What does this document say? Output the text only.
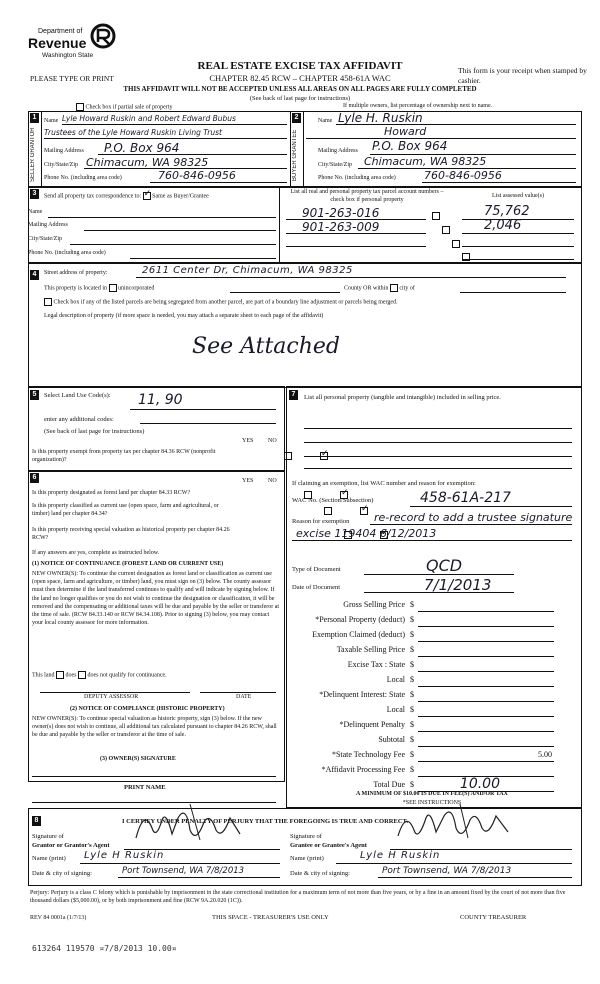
Department of
Revenue
Washington State
PLEASE TYPE OR PRINT
REAL ESTATE EXCISE TAX AFFIDAVIT
CHAPTER 82.45 RCW – CHAPTER 458-61A WAC
THIS AFFIDAVIT WILL NOT BE ACCEPTED UNLESS ALL AREAS ON ALL PAGES ARE FULLY COMPLETED
(See back of last page for instructions)
This form is your receipt when stamped by cashier.
Check box if partial sale of property	If multiple owners, list percentage of ownership next to name.
1
SELLER GRANTOR
Name Lyle Howard Ruskin and Robert Edward Bubus
Trustees of the Lyle Howard Ruskin Living Trust
Mailing Address P.O. Box 964
City/State/Zip Chimacum, WA 98325
Phone No. (including area code)	760-846-0956
2
BUYER GRANTEE
Name Lyle H. Ruskin
Howard
Mailing Address P.O. Box 964
City/State/Zip Chimacum, WA 98325
Phone No. (including area code)	760-846-0956
3	Send all property tax correspondence to: ✓ Same as Buyer/Grantee
Name
Mailing Address
City/State/Zip
Phone No. (including area code)
List all real and personal property tax parcel account numbers – check box if personal property
List assessed value(s)
901-263-016
	75,762
901-263-009
	2,046

4	Street address of property:	2611 Center Dr, Chimacum, WA 98325
This property is located in unincorporated	County OR within city of
Check box if any of the listed parcels are being segregated from another parcel, are part of a boundary line adjustment or parcels being merged.
Legal description of property (if more space is needed, you may attach a separate sheet to each page of the affidavit)
See Attached
5	Select Land Use Code(s): 11, 90
enter any additional codes:
(See back of last page for instructions)
YES NO
Is this property exempt from property tax per chapter 84.36 RCW (nonprofit organization)?
✓
6	YES NO
Is this property designated as forest land per chapter 84.33 RCW?
✓
Is this property classified as current use (open space, farm and agricultural, or timber) land per chapter 84.34?
✓
Is this property receiving special valuation as historical property per chapter 84.26 RCW?
✓
If any answers are yes, complete as instructed below.
(1) NOTICE OF CONTINUANCE (FOREST LAND OR CURRENT USE)
NEW OWNER(S): To continue the current designation as forest land or classification as current use (open space, farm and agriculture, or timber) land, you must sign on (3) below. The county assessor must then determine if the land transferred continues to qualify and will indicate by signing below. If the land no longer qualifies or you do not wish to continue the designation or classification, it will be removed and the compensating or additional taxes will be due and payable by the seller or transferor at the time of sale. (RCW 84.33.140 or RCW 84.34.108). Prior to signing (3) below, you may contact your local county assessor for more information.
This land does does not qualify for continuance.
DEPUTY ASSESSOR	DATE
(2) NOTICE OF COMPLIANCE (HISTORIC PROPERTY)
NEW OWNER(S): To continue special valuation as historic property, sign (3) below. If the new owner(s) does not wish to continue, all additional tax calculated pursuant to chapter 84.26 RCW, shall be due and payable by the seller or transferor at the time of sale.
(3) OWNER(S) SIGNATURE
PRINT NAME
7	List all personal property (tangible and intangible) included in selling price.
If claiming an exemption, list WAC number and reason for exemption:
WAC No. (Section/Subsection)	458-61A-217
Reason for exemption re-record to add a trustee signature
excise 119404 6/12/2013
Type of Document	QCD
Date of Document	7/1/2013
Gross Selling Price $
*Personal Property (deduct) $
Exemption Claimed (deduct) $
Taxable Selling Price $
Excise Tax : State $
Local $
*Delinquent Interest: State $
Local $
*Delinquent Penalty $
Subtotal $
*State Technology Fee $	5.00
*Affidavit Processing Fee $
Total Due $	10.00
A MINIMUM OF $10.00 IS DUE IN FEE(S) AND/OR TAX
*SEE INSTRUCTIONS
8	I CERTIFY UNDER PENALTY OF PERJURY THAT THE FOREGOING IS TRUE AND CORRECT.
Signature of
Grantor or Grantor's Agent
Signature of
Grantee or Grantee's Agent
Name (print) Lyle H Ruskin	Name (print)	Lyle H Ruskin
Date & city of signing:	Port Townsend, WA 7/8/2013	Date & city of signing:	Port Townsend, WA 7/8/2013
Perjury: Perjury is a class C felony which is punishable by imprisonment in the state correctional institution for a maximum term of not more than five years, or by a fine in an amount fixed by the court of not more than five thousand dollars ($5,000.00), or by both imprisonment and fine (RCW 9A.20.020 (1C)).
REV 84 0001a (1/7/13)	THIS SPACE - TREASURER'S USE ONLY	COUNTY TREASURER
613264 119570 ¤7/8/2013 10.00¤
